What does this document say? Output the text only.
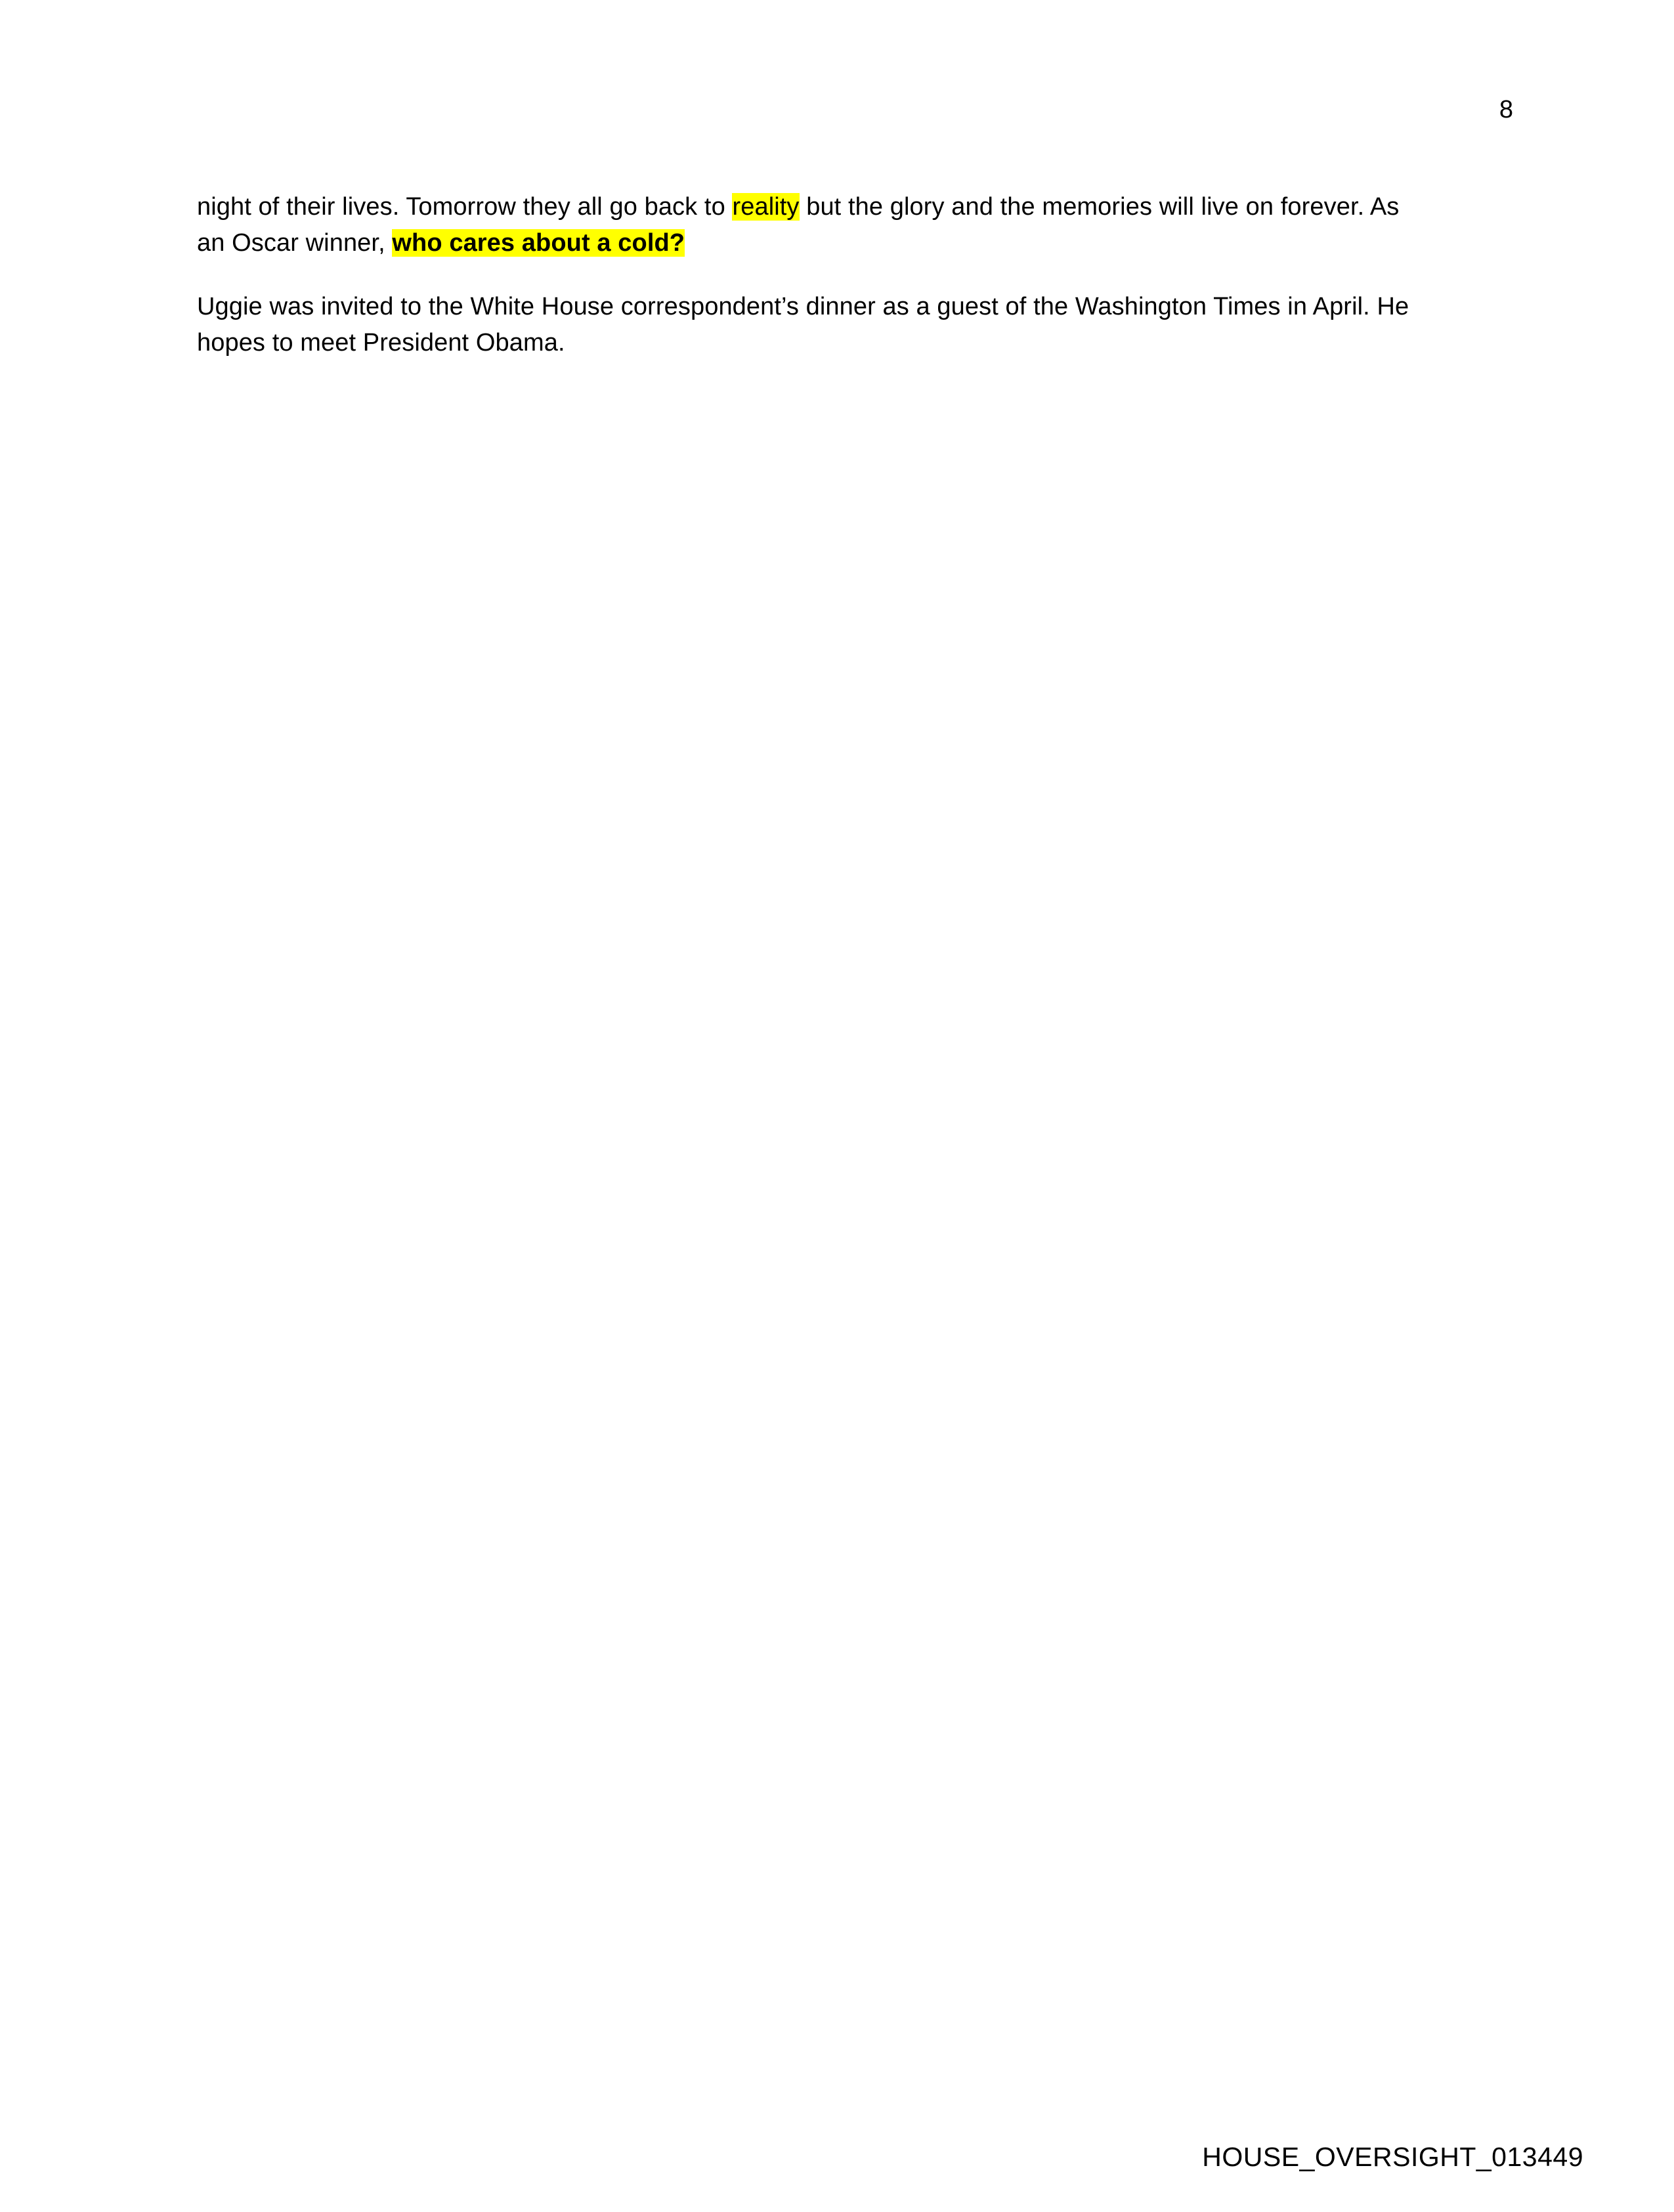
8

night of their lives. Tomorrow they all go back to reality but the glory and the memories will live on forever. As an Oscar winner, who cares about a cold?

Uggie was invited to the White House correspondent’s dinner as a guest of the Washington Times in April. He hopes to meet President Obama.

HOUSE_OVERSIGHT_013449
